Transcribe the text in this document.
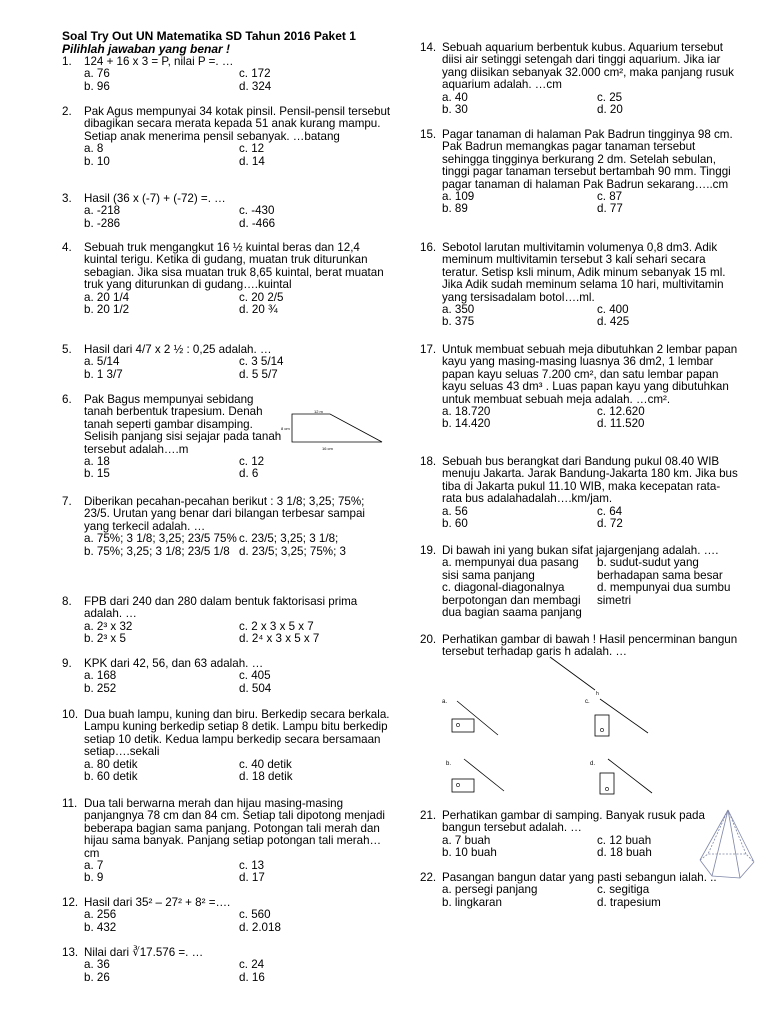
Soal Try Out UN Matematika SD Tahun 2016 Paket 1
Pilihlah jawaban yang benar !
1.	124 + 16 x 3 = P, nilai P =. …
a. 76	c. 172
b. 96	d. 324
2.	Pak Agus mempunyai 34 kotak pinsil. Pensil-pensil tersebut dibagikan secara merata kepada 51 anak kurang mampu. Setiap anak menerima pensil sebanyak. …batang
a. 8	c. 12
b. 10	d. 14
3.	Hasil (36 x (-7) + (-72) =. …
a. -218	c. -430
b. -286	d. -466
4.	Sebuah truk mengangkut 16 ½ kuintal beras dan 12,4 kuintal terigu. Ketika di gudang, muatan truk diturunkan sebagian. Jika sisa muatan truk 8,65 kuintal, berat muatan truk yang diturunkan di gudang….kuintal
a. 20 1/4	c. 20 2/5
b. 20 1/2	d. 20 ¾
5.	Hasil dari 4/7 x 2 ½ : 0,25 adalah. …
a. 5/14	c. 3 5/14
b. 1 3/7	d. 5 5/7
6.	Pak Bagus mempunyai sebidang tanah berbentuk trapesium. Denah tanah seperti gambar disamping. Selisih panjang sisi sejajar pada tanah tersebut adalah….m
a. 18	c. 12
b. 15	d. 6
7.	Diberikan pecahan-pecahan berikut : 3 1/8; 3,25; 75%; 23/5. Urutan yang benar dari bilangan terbesar sampai yang terkecil adalah. …
a. 75%; 3 1/8; 3,25; 23/5 75% c. 23/5; 3,25; 3 1/8;
b. 75%; 3,25; 3 1/8; 23/5 1/8 d. 23/5; 3,25; 75%; 3
8.	FPB dari 240 dan 280 dalam bentuk faktorisasi prima adalah. …
a. 2³ x 32	c. 2 x 3 x 5 x 7
b. 2³ x 5	d. 2⁴ x 3 x 5 x 7
9.	KPK dari 42, 56, dan 63 adalah. …
a. 168	c. 405
b. 252	d. 504
10. Dua buah lampu, kuning dan biru. Berkedip secara berkala. Lampu kuning berkedip setiap 8 detik. Lampu bitu berkedip setiap 10 detik. Kedua lampu berkedip secara bersamaan setiap….sekali
a. 80 detik	c. 40 detik
b. 60 detik	d. 18 detik
11. Dua tali berwarna merah dan hijau masing-masing panjangnya 78 cm dan 84 cm. Setiap tali dipotong menjadi beberapa bagian sama panjang. Potongan tali merah dan hijau sama banyak. Panjang setiap potongan tali merah…cm
a. 7	c. 13
b. 9	d. 17
12. Hasil dari 35² – 27² + 8² =….
a. 256	c. 560
b. 432	d. 2.018
13. Nilai dari ∛17.576 =. …
a. 36	c. 24
b. 26	d. 16
14. Sebuah aquarium berbentuk kubus. Aquarium tersebut diisi air setinggi setengah dari tinggi aquarium. Jika iar yang diisikan sebanyak 32.000 cm², maka panjang rusuk aquarium adalah. …cm
a. 40	c. 25
b. 30	d. 20
15. Pagar tanaman di halaman Pak Badrun tingginya 98 cm. Pak Badrun memangkas pagar tanaman tersebut sehingga tingginya berkurang 2 dm. Setelah sebulan, tinggi pagar tanaman tersebut bertambah 90 mm. Tinggi pagar tanaman di halaman Pak Badrun sekarang…..cm
a. 109	c. 87
b. 89	d. 77
16. Sebotol larutan multivitamin volumenya 0,8 dm3. Adik meminum multivitamin tersebut 3 kali sehari secara teratur. Setisp ksli minum, Adik minum sebanyak 15 ml. Jika Adik sudah meminum selama 10 hari, multivitamin yang tersisadalam botol….ml.
a. 350	c. 400
b. 375	d. 425
17. Untuk membuat sebuah meja dibutuhkan 2 lembar papan kayu yang masing-masing luasnya 36 dm2, 1 lembar papan kayu seluas 7.200 cm², dan satu lembar papan kayu seluas 43 dm³ . Luas papan kayu yang dibutuhkan untuk membuat sebuah meja adalah. …cm².
a. 18.720	c. 12.620
b. 14.420	d. 11.520
18. Sebuah bus berangkat dari Bandung pukul 08.40 WIB menuju Jakarta. Jarak Bandung-Jakarta 180 km. Jika bus tiba di Jakarta pukul 11.10 WIB, maka kecepatan rata-rata bus adalahadalah….km/jam.
a. 56	c. 64
b. 60	d. 72
19. Di bawah ini yang bukan sifat jajargenjang adalah. ….
a. mempunyai dua pasang sisi sama panjang
b. sudut-sudut yang berhadapan sama besar
c. diagonal-diagonalnya berpotongan dan membagi dua bagian saama panjang
d. mempunyai dua sumbu simetri
20. Perhatikan gambar di bawah ! Hasil pencerminan bangun tersebut terhadap garis h adalah. …
21. Perhatikan gambar di samping. Banyak rusuk pada bangun tersebut adalah. …
a. 7 buah	c. 12 buah
b. 10 buah	d. 18 buah
22. Pasangan bangun datar yang pasti sebangun ialah. ..
a. persegi panjang	c. segitiga
b. lingkaran	d. trapesium
12 m
8 cm
16 cm
h
a.	c.
b.	d.
